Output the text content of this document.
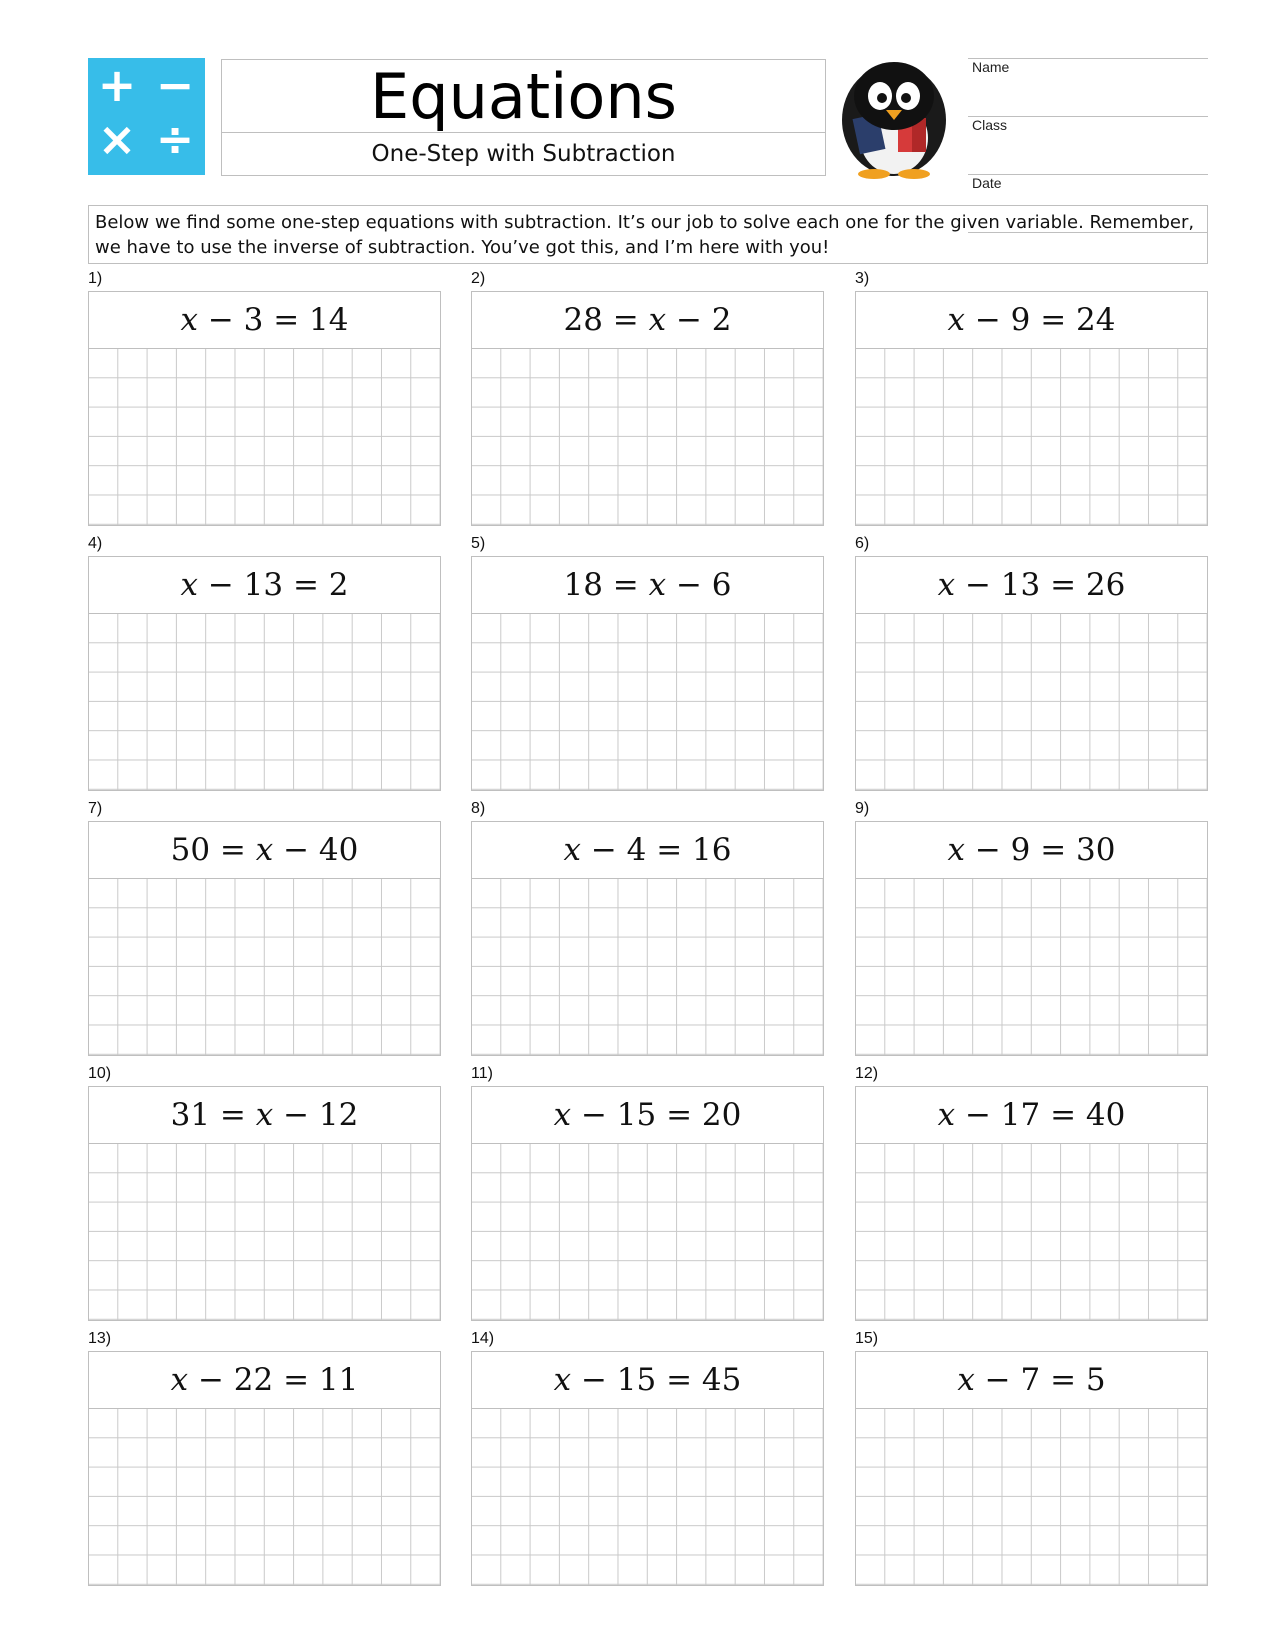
+ −
× ÷
Equations
One-Step with Subtraction
Name
Class
Date
Below we find some one-step equations with subtraction. It’s our job to solve each one for the given variable. Remember, we have to use the inverse of subtraction. You’ve got this, and I’m here with you!
1)
x − 3 = 14
2)
28 = x − 2
3)
x − 9 = 24
4)
x − 13 = 2
5)
18 = x − 6
6)
x − 13 = 26
7)
50 = x − 40
8)
x − 4 = 16
9)
x − 9 = 30
10)
31 = x − 12
11)
x − 15 = 20
12)
x − 17 = 40
13)
x − 22 = 11
14)
x − 15 = 45
15)
x − 7 = 5
